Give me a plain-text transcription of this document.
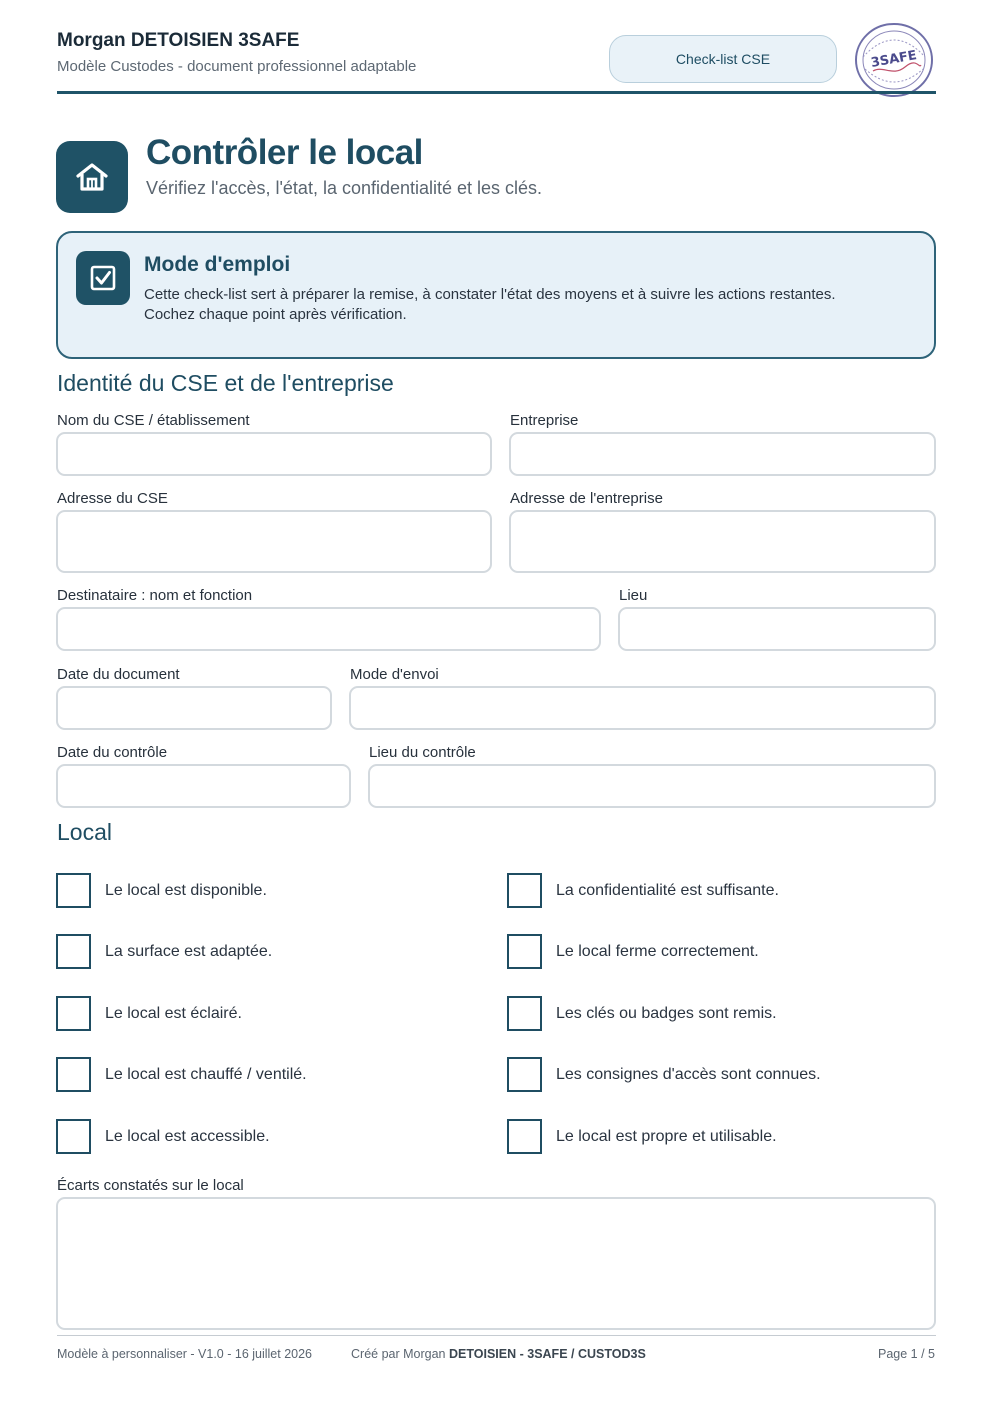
Morgan DETOISIEN 3SAFE
Modèle Custodes - document professionnel adaptable	Check-list CSE	3SAFE
Contrôler le local
Vérifiez l'accès, l'état, la confidentialité et les clés.
Mode d'emploi
Cette check-list sert à préparer la remise, à constater l'état des moyens et à suivre les actions restantes.
Cochez chaque point après vérification.
Identité du CSE et de l'entreprise
Nom du CSE / établissement	Entreprise
Adresse du CSE	Adresse de l'entreprise
Destinataire : nom et fonction	Lieu
Date du document	Mode d'envoi
Date du contrôle	Lieu du contrôle
Local
Le local est disponible.
La surface est adaptée.
Le local est éclairé.
Le local est chauffé / ventilé.
Le local est accessible.
La confidentialité est suffisante.
Le local ferme correctement.
Les clés ou badges sont remis.
Les consignes d'accès sont connues.
Le local est propre et utilisable.
Écarts constatés sur le local
Modèle à personnaliser - V1.0 - 16 juillet 2026	Créé par Morgan DETOISIEN - 3SAFE / CUSTOD3S	Page 1 / 5
